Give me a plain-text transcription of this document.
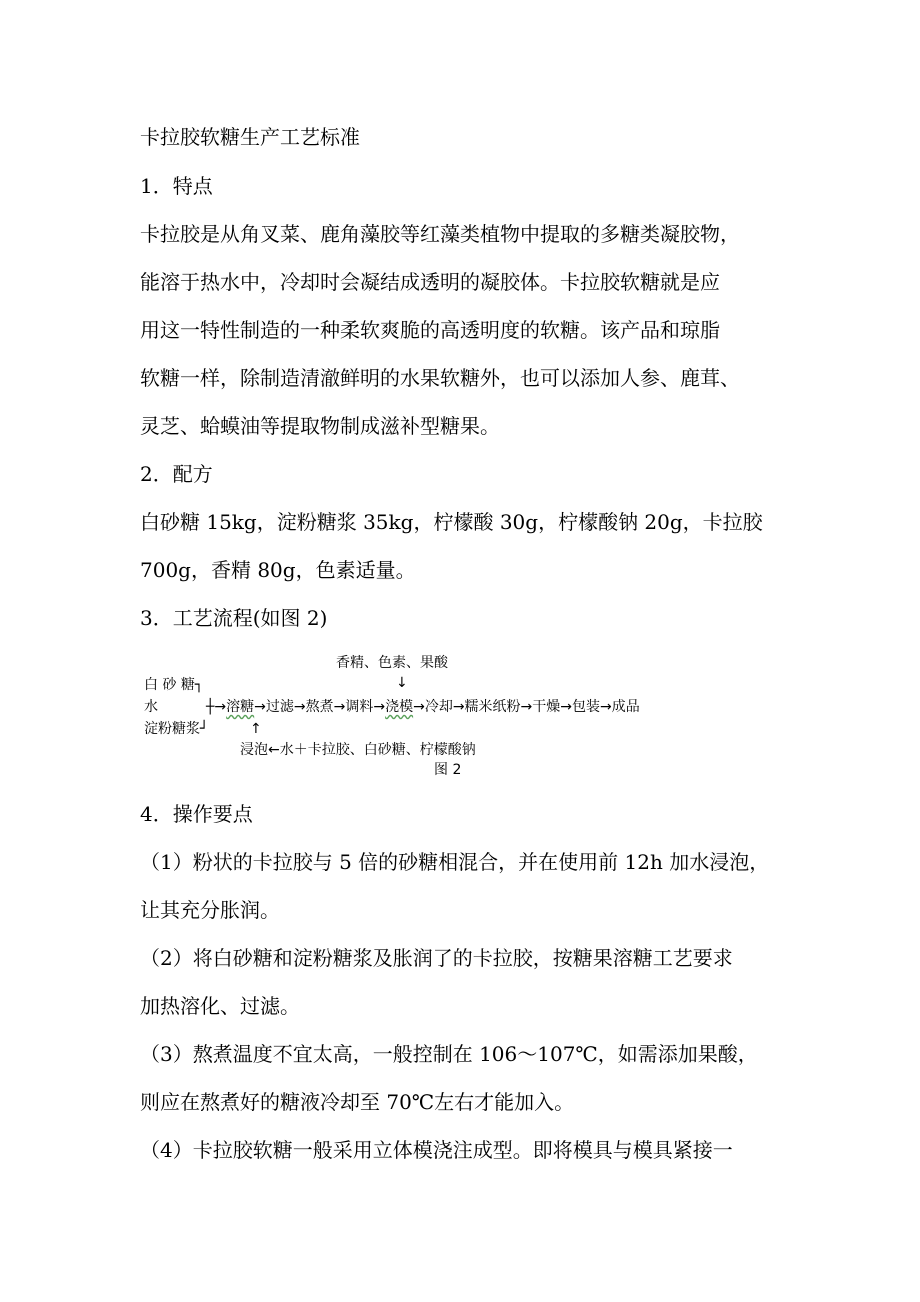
卡拉胶软糖生产工艺标准

1．特点

卡拉胶是从角叉菜、鹿角藻胶等红藻类植物中提取的多糖类凝胶物，

能溶于热水中，冷却时会凝结成透明的凝胶体。卡拉胶软糖就是应

用这一特性制造的一种柔软爽脆的高透明度的软糖。该产品和琼脂

软糖一样，除制造清澈鲜明的水果软糖外，也可以添加人参、鹿茸、

灵芝、蛤蟆油等提取物制成滋补型糖果。

2．配方

白砂糖 15kg，淀粉糖浆 35kg，柠檬酸 30g，柠檬酸钠 20g，卡拉胶

700g，香精 80g，色素适量。

3．工艺流程(如图 2)

香精、色素、果酸
↓
白 砂 糖┐
水
淀粉糖浆┘
┼→溶糖→过滤→熬煮→调料→浇模→冷却→糯米纸粉→干燥→包装→成品
↑
浸泡←水＋卡拉胶、白砂糖、柠檬酸钠
图 2

4．操作要点

（1）粉状的卡拉胶与 5 倍的砂糖相混合，并在使用前 12h 加水浸泡，

让其充分胀润。

（2）将白砂糖和淀粉糖浆及胀润了的卡拉胶，按糖果溶糖工艺要求

加热溶化、过滤。

（3）熬煮温度不宜太高，一般控制在 106～107℃，如需添加果酸，

则应在熬煮好的糖液冷却至 70℃左右才能加入。

（4）卡拉胶软糖一般采用立体模浇注成型。即将模具与模具紧接一
